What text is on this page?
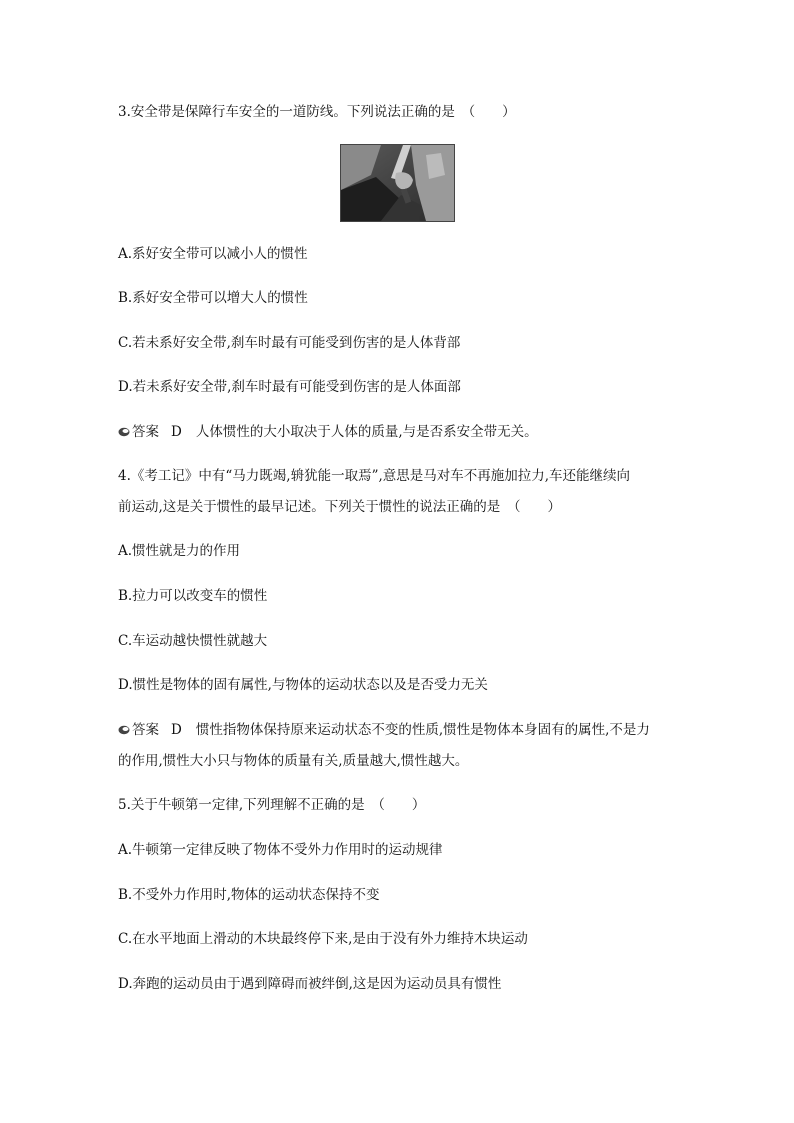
3.安全带是保障行车安全的一道防线。下列说法正确的是　（　　）
A.系好安全带可以减小人的惯性
B.系好安全带可以增大人的惯性
C.若未系好安全带,刹车时最有可能受到伤害的是人体背部
D.若未系好安全带,刹车时最有可能受到伤害的是人体面部
答案 D 人体惯性的大小取决于人体的质量,与是否系安全带无关。
4.《考工记》中有“马力既竭,辀犹能一取焉”,意思是马对车不再施加拉力,车还能继续向
前运动,这是关于惯性的最早记述。下列关于惯性的说法正确的是　（　　）
A.惯性就是力的作用
B.拉力可以改变车的惯性
C.车运动越快惯性就越大
D.惯性是物体的固有属性,与物体的运动状态以及是否受力无关
答案 D 惯性指物体保持原来运动状态不变的性质,惯性是物体本身固有的属性,不是力
的作用,惯性大小只与物体的质量有关,质量越大,惯性越大。
5.关于牛顿第一定律,下列理解不正确的是　（　　）
A.牛顿第一定律反映了物体不受外力作用时的运动规律
B.不受外力作用时,物体的运动状态保持不变
C.在水平地面上滑动的木块最终停下来,是由于没有外力维持木块运动
D.奔跑的运动员由于遇到障碍而被绊倒,这是因为运动员具有惯性
